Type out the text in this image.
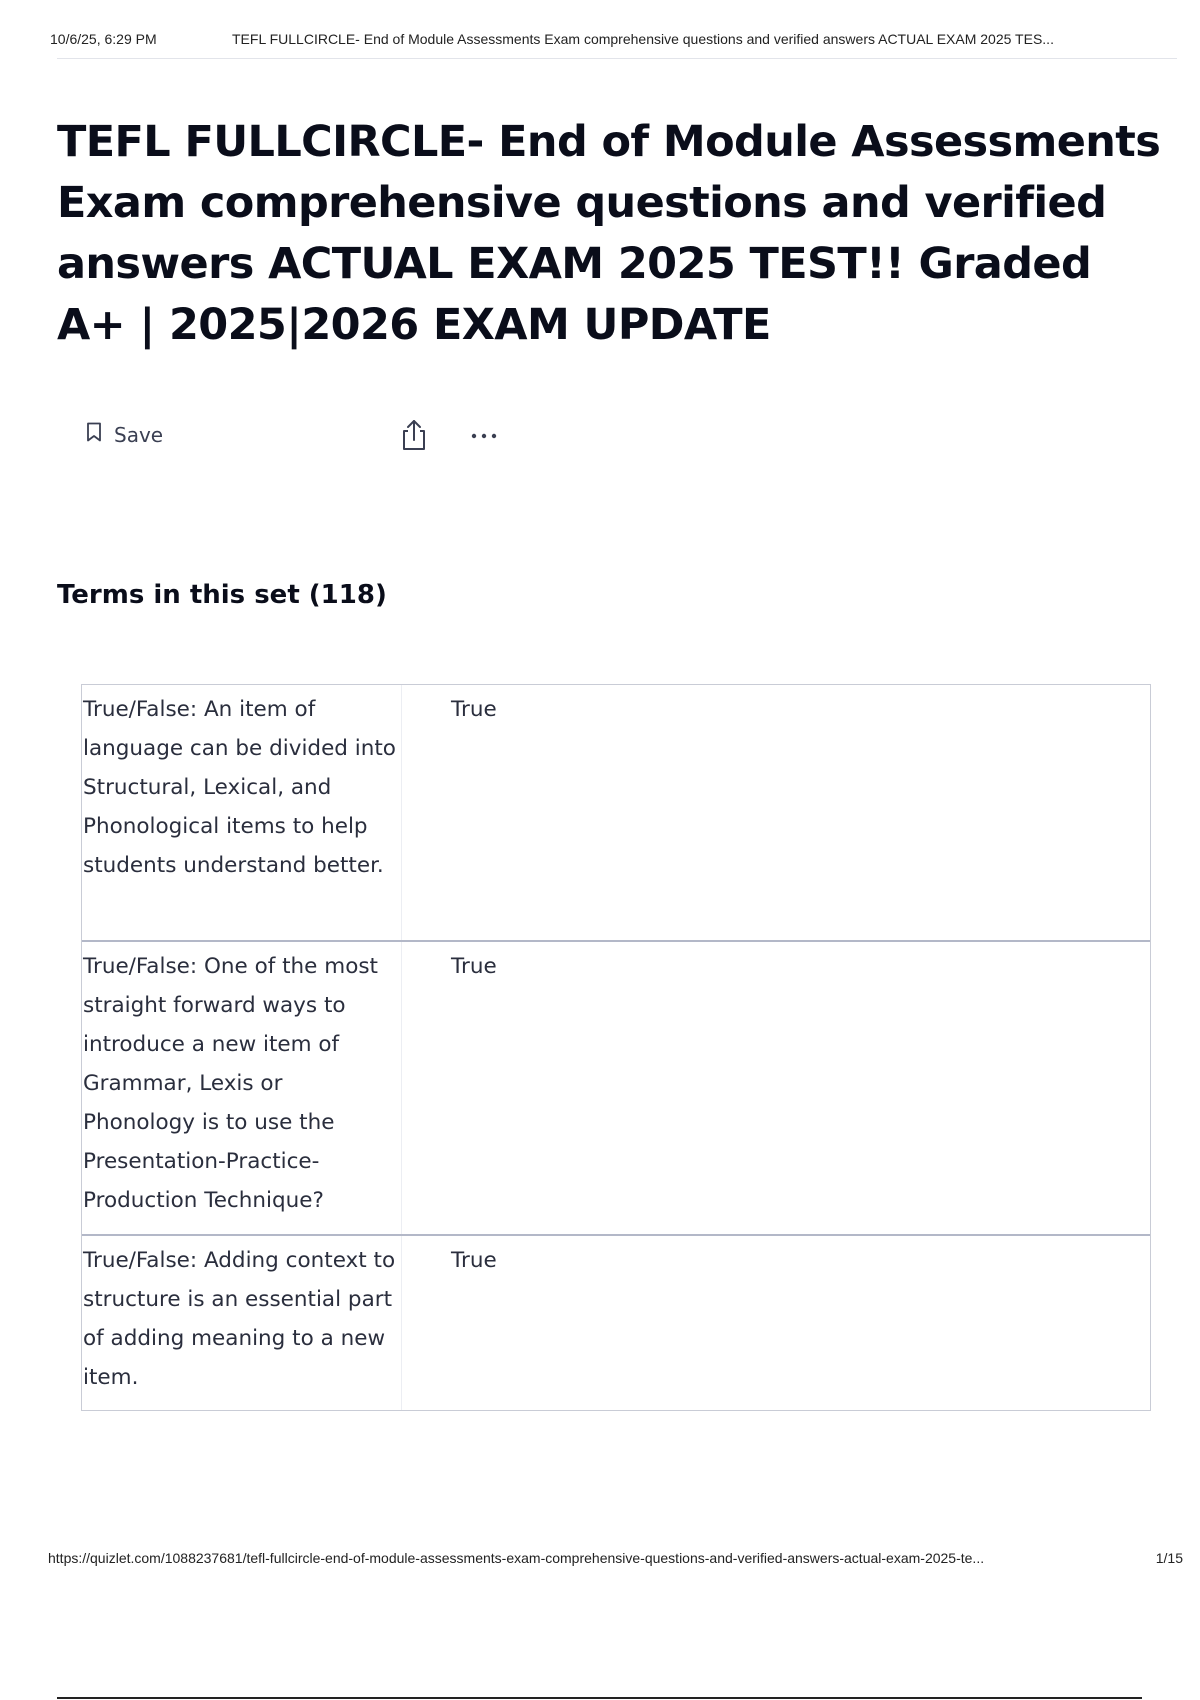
10/6/25, 6:29 PM	TEFL FULLCIRCLE- End of Module Assessments Exam comprehensive questions and verified answers ACTUAL EXAM 2025 TES...
TEFL FULLCIRCLE- End of Module Assessments Exam comprehensive questions and verified answers ACTUAL EXAM 2025 TEST!! Graded A+ | 2025|2026 EXAM UPDATE
Save
Terms in this set (118)
True/False: An item of language can be divided into Structural, Lexical, and Phonological items to help students understand better.
True
True/False: One of the most straight forward ways to introduce a new item of Grammar, Lexis or Phonology is to use the Presentation-Practice-Production Technique?
True
True/False: Adding context to structure is an essential part of adding meaning to a new item.
True
https://quizlet.com/1088237681/tefl-fullcircle-end-of-module-assessments-exam-comprehensive-questions-and-verified-answers-actual-exam-2025-te...	1/15
